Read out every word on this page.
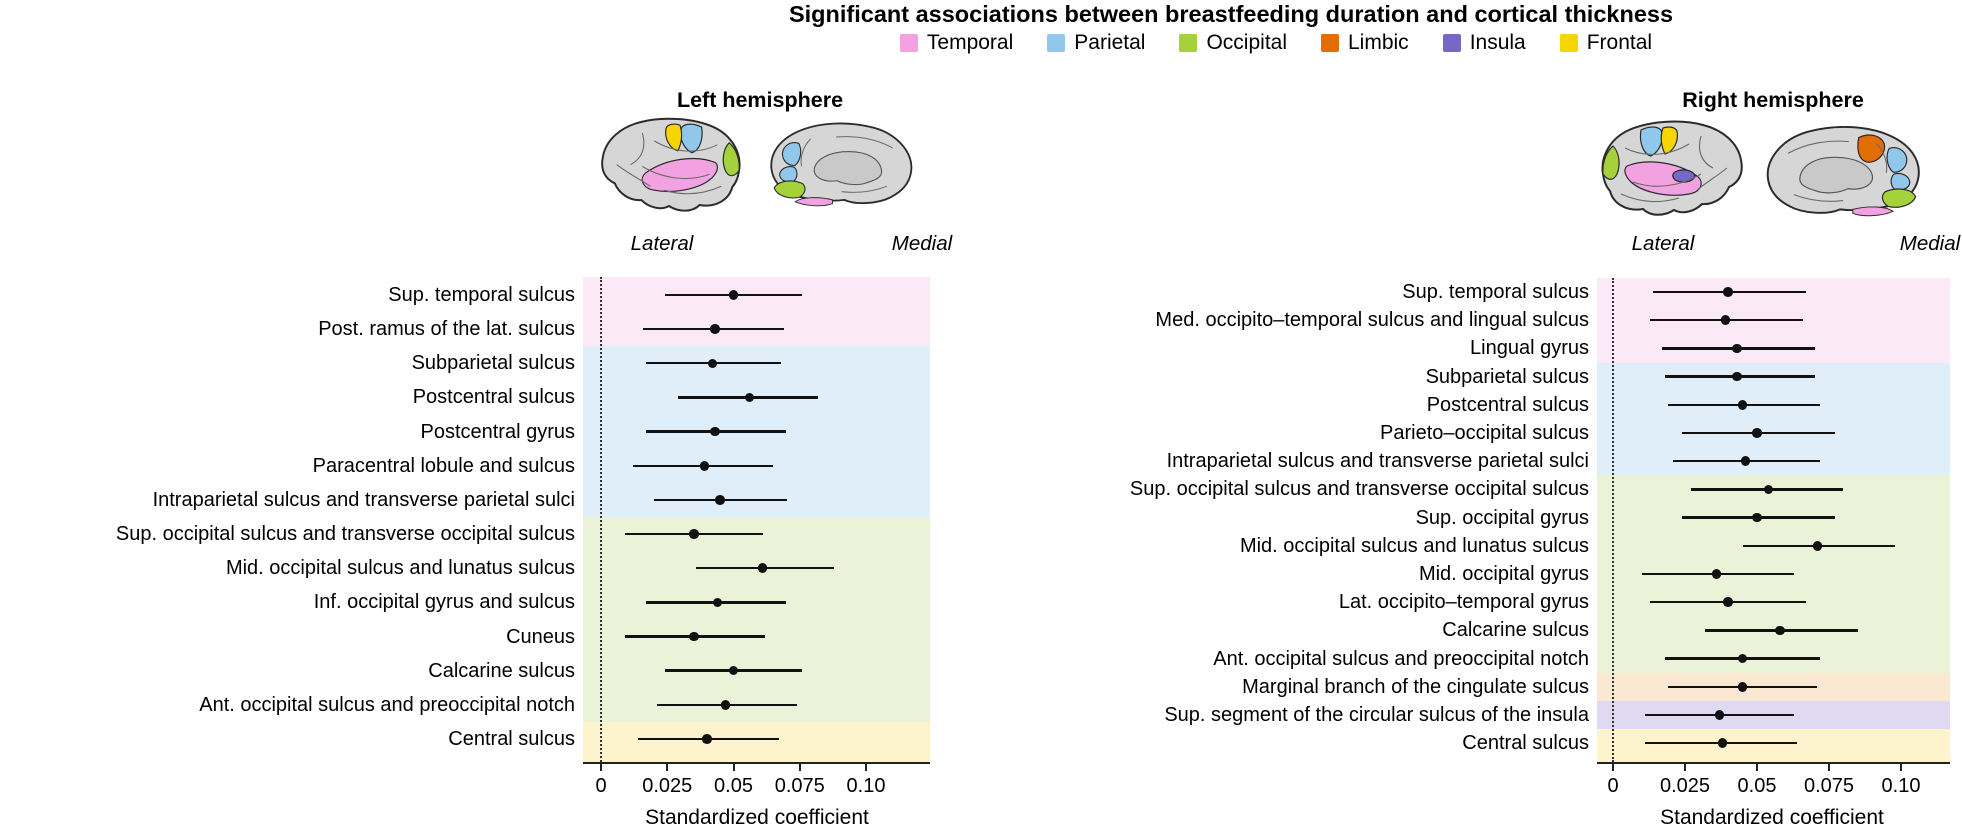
Significant associations between breastfeeding duration and cortical thickness
Temporal	Parietal	Occipital	Limbic	Insula	Frontal
Left hemisphere	Right hemisphere
Lateral	Medial	Lateral	Medial
Sup. temporal sulcus
Post. ramus of the lat. sulcus
Subparietal sulcus
Postcentral sulcus
Postcentral gyrus
Paracentral lobule and sulcus
Intraparietal sulcus and transverse parietal sulci
Sup. occipital sulcus and transverse occipital sulcus
Mid. occipital sulcus and lunatus sulcus
Inf. occipital gyrus and sulcus
Cuneus
Calcarine sulcus
Ant. occipital sulcus and preoccipital notch
Central sulcus
0	0.025	0.05	0.075	0.10
Standardized coefficient
Sup. temporal sulcus
Med. occipito–temporal sulcus and lingual sulcus
Lingual gyrus
Subparietal sulcus
Postcentral sulcus
Parieto–occipital sulcus
Intraparietal sulcus and transverse parietal sulci
Sup. occipital sulcus and transverse occipital sulcus
Sup. occipital gyrus
Mid. occipital sulcus and lunatus sulcus
Mid. occipital gyrus
Lat. occipito–temporal gyrus
Calcarine sulcus
Ant. occipital sulcus and preoccipital notch
Marginal branch of the cingulate sulcus
Sup. segment of the circular sulcus of the insula
Central sulcus
0	0.025	0.05	0.075	0.10
Standardized coefficient
